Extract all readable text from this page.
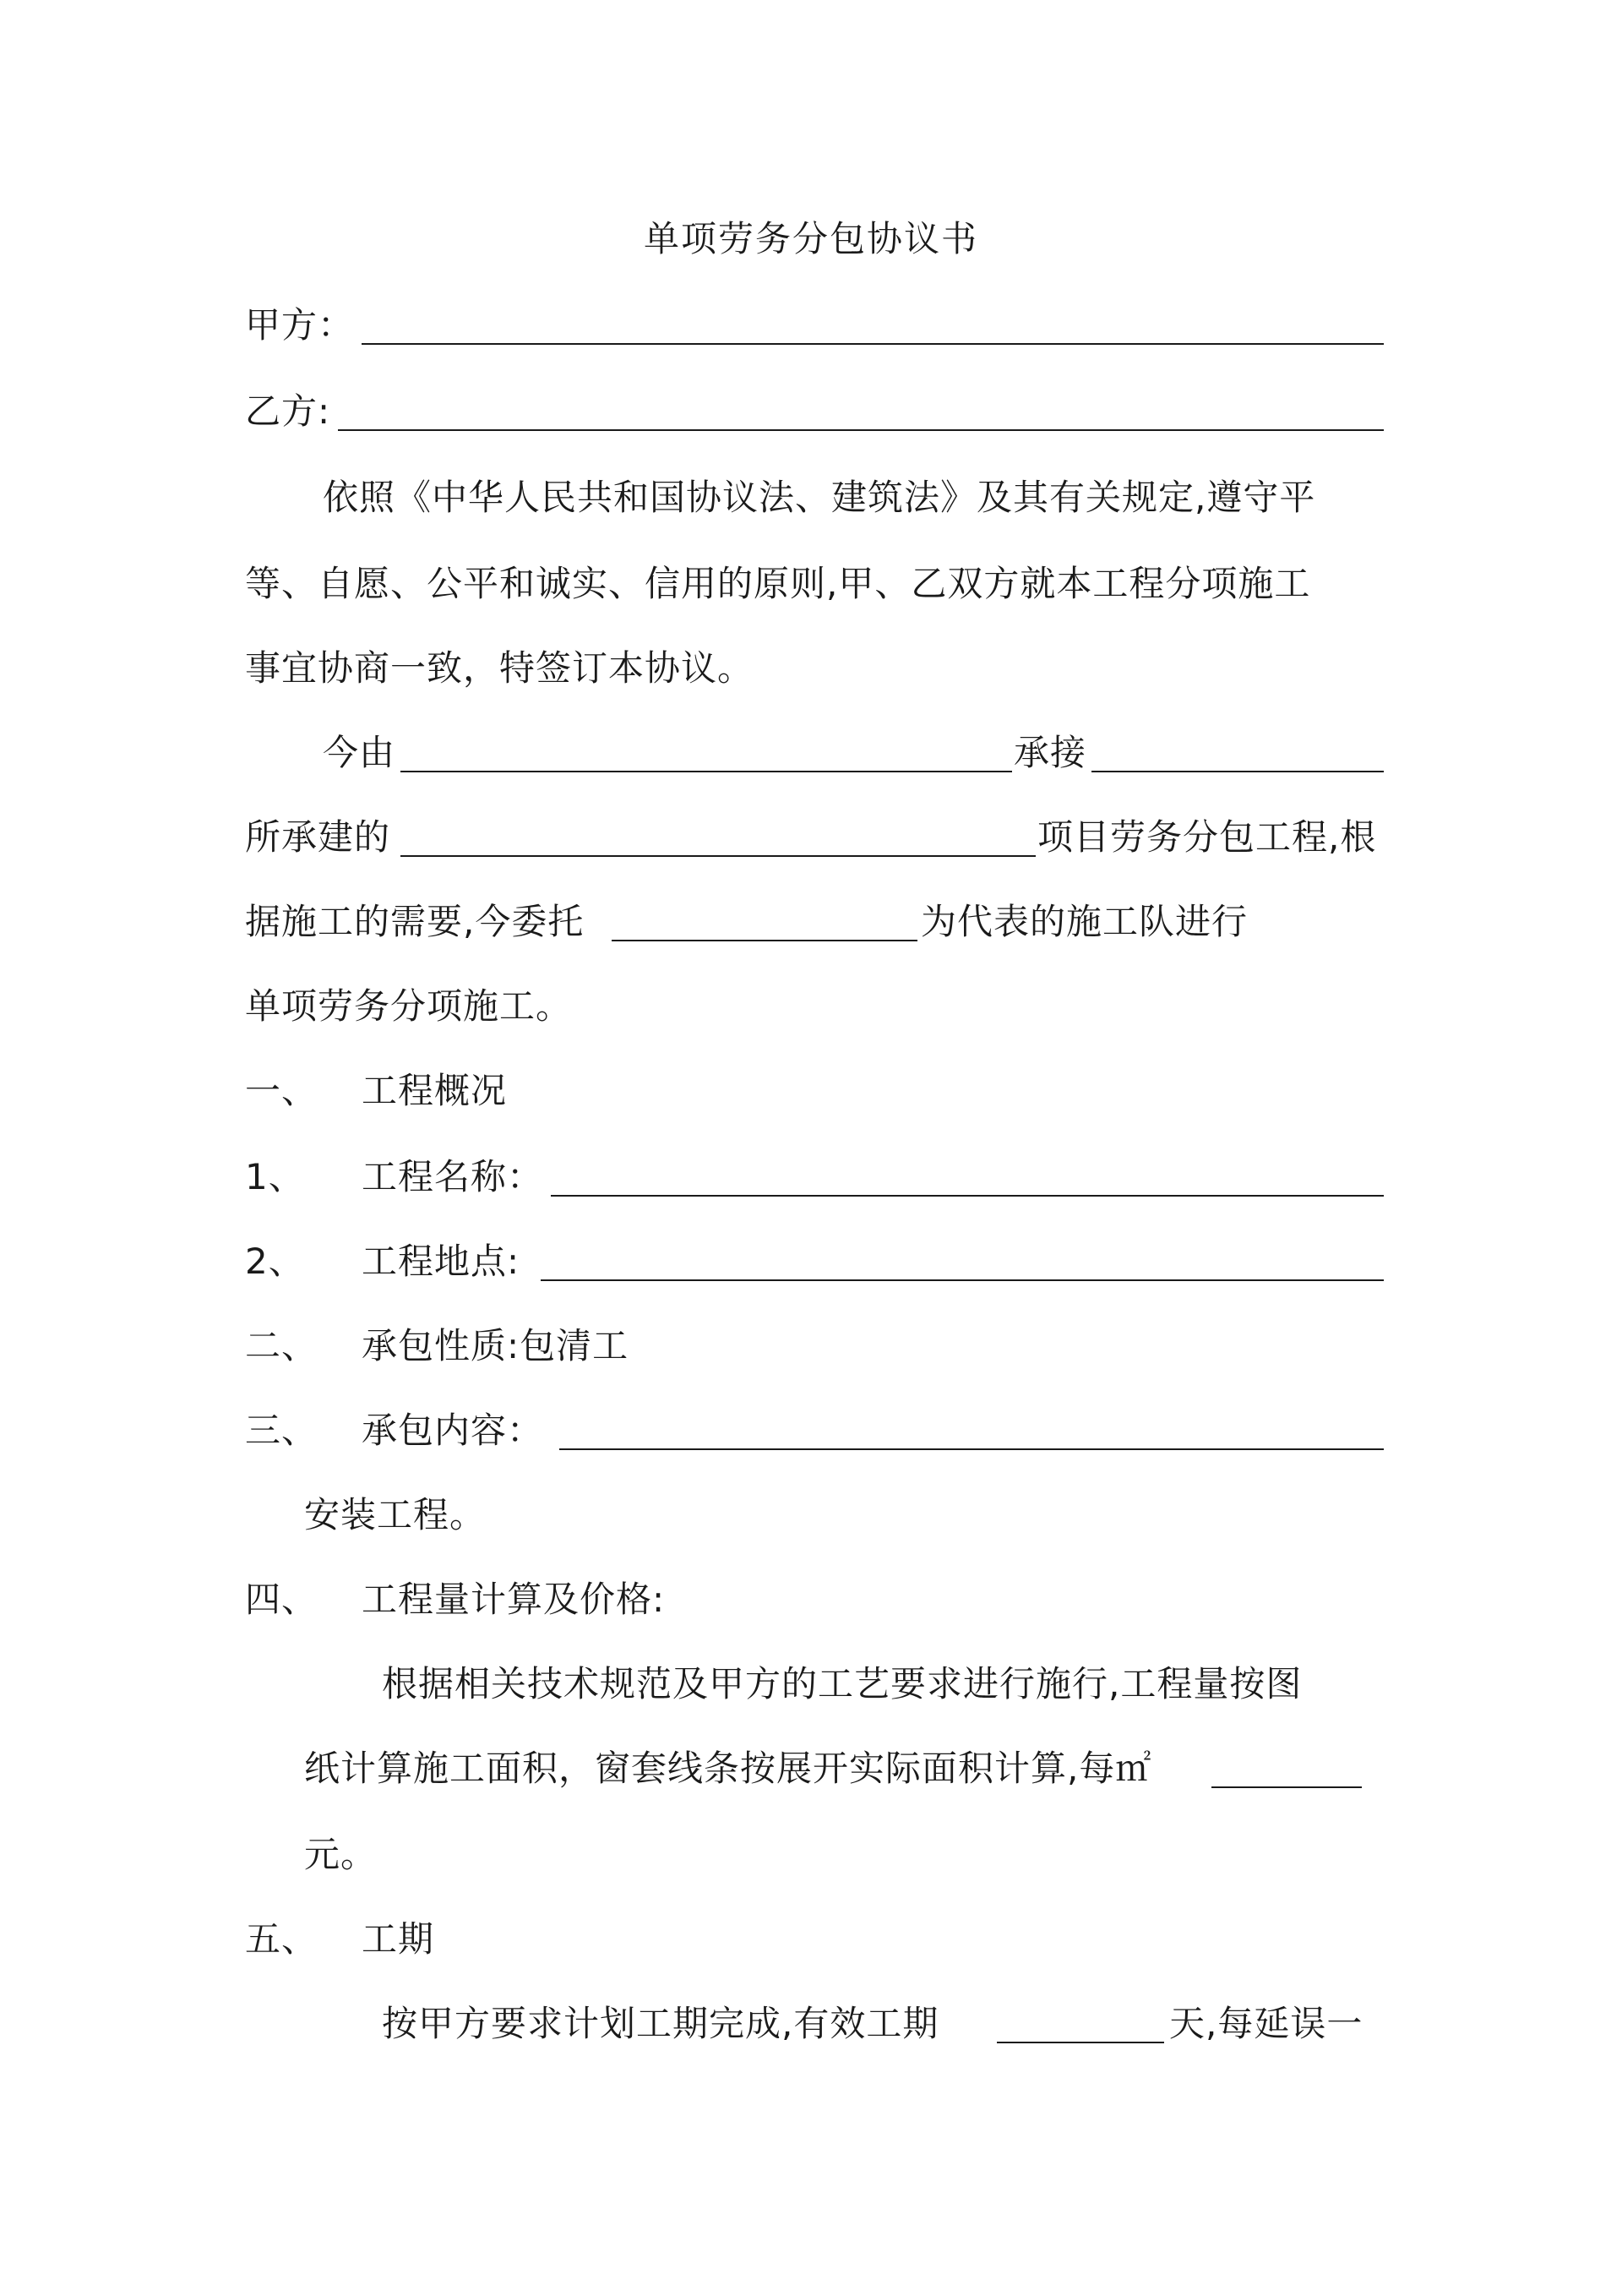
单项劳务分包协议书
甲方：
乙方:
依照《中华人民共和国协议法、建筑法》及其有关规定,遵守平
等、自愿、公平和诚实、信用的原则,甲、乙双方就本工程分项施工
事宜协商一致，特签订本协议。
今由	承接
所承建的	项目劳务分包工程,根
据施工的需要,今委托	为代表的施工队进行
单项劳务分项施工。
一、 工程概况
1、 工程名称：
2、 工程地点:
二、 承包性质:包清工
三、 承包内容：
安装工程。
四、 工程量计算及价格:
根据相关技术规范及甲方的工艺要求进行施行,工程量按图
纸计算施工面积，窗套线条按展开实际面积计算,每㎡
元。
五、 工期
按甲方要求计划工期完成,有效工期	天,每延误一
